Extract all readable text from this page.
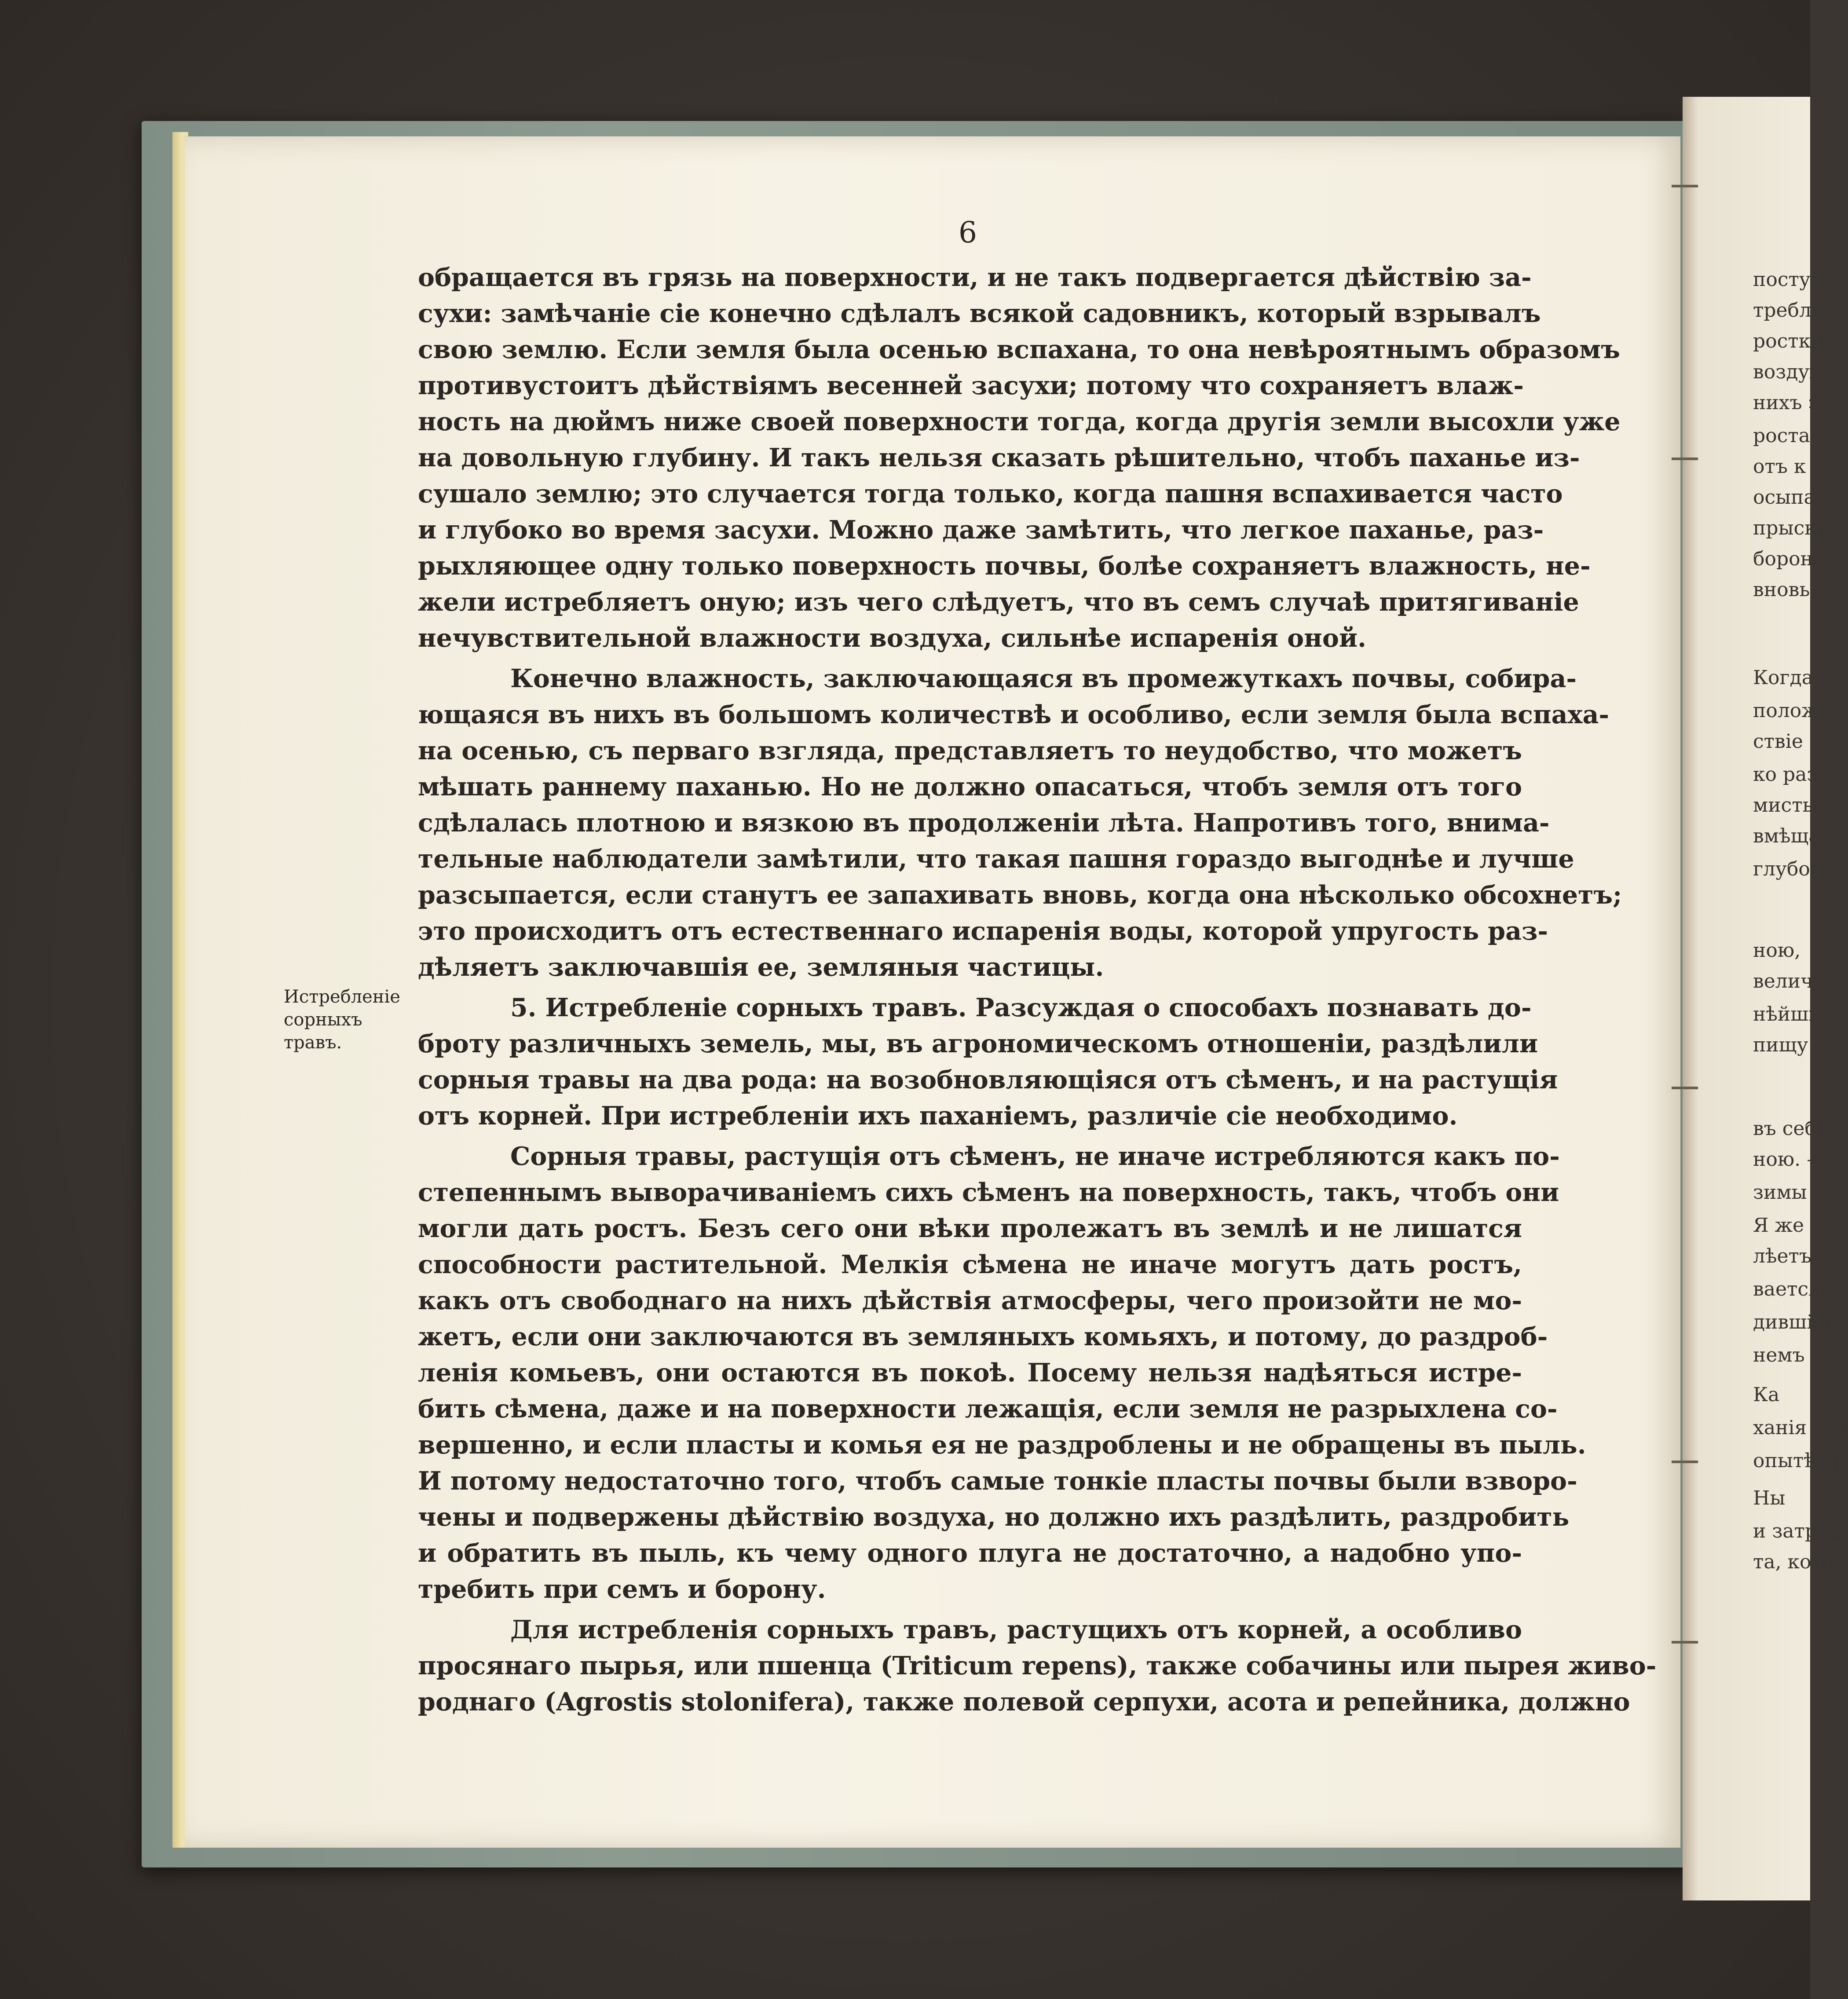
поступа
треблял
ростки
воздух
нихъ з
роста
отъ к
осыпа
прыски
бороно
вновь
Когда
полож
ствіе
ко раз
мисты
вмѣща
глубок
ною,
велич
нѣйши
пищу
въ себѣ
ною. —
зимы
Я же у
лѣетъ
вается,
дившіяся
немъ кл
Ка
ханія ска
опытѣ ср
Ны
и затруд
та, кото
6
Истребленіе
сорныхъ
травъ.
обращается въ грязь на поверхности, и не такъ подвергается дѣйствію за-
сухи: замѣчаніе сіе конечно сдѣлалъ всякой садовникъ, который взрывалъ
свою землю. Если земля была осенью вспахана, то она невѣроятнымъ образомъ
противустоитъ дѣйствіямъ весенней засухи; потому что сохраняетъ влаж-
ность на дюймъ ниже своей поверхности тогда, когда другія земли высохли уже
на довольную глубину. И такъ нельзя сказать рѣшительно, чтобъ паханье из-
сушало землю; это случается тогда только, когда пашня вспахивается часто
и глубоко во время засухи. Можно даже замѣтить, что легкое паханье, раз-
рыхляющее одну только поверхность почвы, болѣе сохраняетъ влажность, не-
жели истребляетъ оную; изъ чего слѣдуетъ, что въ семъ случаѣ притягиваніе
нечувствительной влажности воздуха, сильнѣе испаренія оной.
Конечно влажность, заключающаяся въ промежуткахъ почвы, собира-
ющаяся въ нихъ въ большомъ количествѣ и особливо, если земля была вспаха-
на осенью, съ перваго взгляда, представляетъ то неудобство, что можетъ
мѣшать раннему паханью. Но не должно опасаться, чтобъ земля отъ того
сдѣлалась плотною и вязкою въ продолженіи лѣта. Напротивъ того, внима-
тельные наблюдатели замѣтили, что такая пашня гораздо выгоднѣе и лучше
разсыпается, если станутъ ее запахивать вновь, когда она нѣсколько обсохнетъ;
это происходитъ отъ естественнаго испаренія воды, которой упругость раз-
дѣляетъ заключавшія ее, земляныя частицы.
5. Истребленіе сорныхъ травъ. Разсуждая о способахъ познавать до-
броту различныхъ земель, мы, въ агрономическомъ отношеніи, раздѣлили
сорныя травы на два рода: на возобновляющіяся отъ сѣменъ, и на растущія
отъ корней. При истребленіи ихъ паханіемъ, различіе сіе необходимо.
Сорныя травы, растущія отъ сѣменъ, не иначе истребляются какъ по-
степеннымъ выворачиваніемъ сихъ сѣменъ на поверхность, такъ, чтобъ они
могли дать ростъ. Безъ сего они вѣки пролежатъ въ землѣ и не лишатся
способности растительной. Мелкія сѣмена не иначе могутъ дать ростъ,
какъ отъ свободнаго на нихъ дѣйствія атмосферы, чего произойти не мо-
жетъ, если они заключаются въ земляныхъ комьяхъ, и потому, до раздроб-
ленія комьевъ, они остаются въ покоѣ. Посему нельзя надѣяться истре-
бить сѣмена, даже и на поверхности лежащія, если земля не разрыхлена со-
вершенно, и если пласты и комья ея не раздроблены и не обращены въ пыль.
И потому недостаточно того, чтобъ самые тонкіе пласты почвы были взворо-
чены и подвержены дѣйствію воздуха, но должно ихъ раздѣлить, раздробить
и обратить въ пыль, къ чему одного плуга не достаточно, а надобно упо-
требить при семъ и борону.
Для истребленія сорныхъ травъ, растущихъ отъ корней, а особливо
просянаго пырья, или пшенца (Triticum repens), также собачины или пырея живо-
роднаго (Agrostis stolonifera), также полевой серпухи, асота и репейника, должно
